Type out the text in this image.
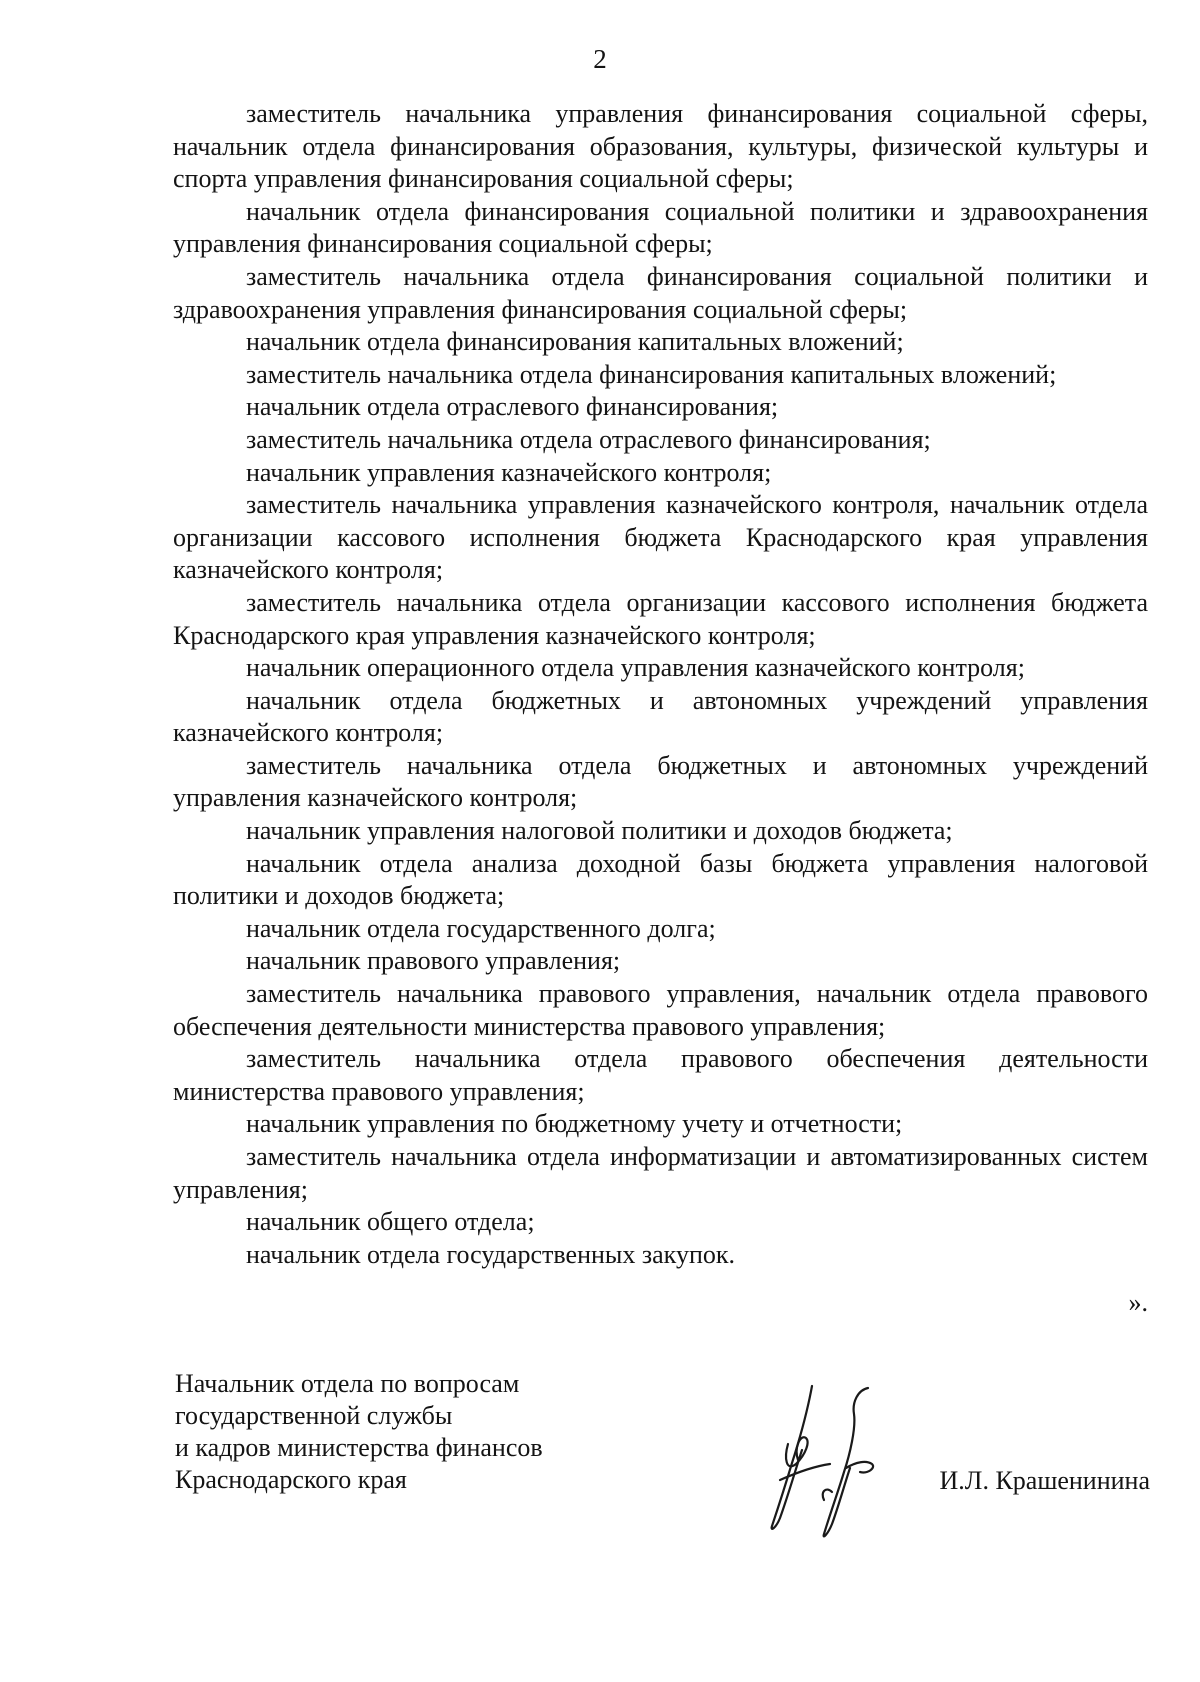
2

заместитель начальника управления финансирования социальной сферы, начальник отдела финансирования образования, культуры, физической культуры и спорта управления финансирования социальной сферы;

начальник отдела финансирования социальной политики и здравоохранения управления финансирования социальной сферы;

заместитель начальника отдела финансирования социальной политики и здравоохранения управления финансирования социальной сферы;

начальник отдела финансирования капитальных вложений;

заместитель начальника отдела финансирования капитальных вложений;

начальник отдела отраслевого финансирования;

заместитель начальника отдела отраслевого финансирования;

начальник управления казначейского контроля;

заместитель начальника управления казначейского контроля, начальник отдела организации кассового исполнения бюджета Краснодарского края управления казначейского контроля;

заместитель начальника отдела организации кассового исполнения бюджета Краснодарского края управления казначейского контроля;

начальник операционного отдела управления казначейского контроля;

начальник отдела бюджетных и автономных учреждений управления казначейского контроля;

заместитель начальника отдела бюджетных и автономных учреждений управления казначейского контроля;

начальник управления налоговой политики и доходов бюджета;

начальник отдела анализа доходной базы бюджета управления налоговой политики и доходов бюджета;

начальник отдела государственного долга;

начальник правового управления;

заместитель начальника правового управления, начальник отдела правового обеспечения деятельности министерства правового управления;

заместитель начальника отдела правового обеспечения деятельности министерства правового управления;

начальник управления по бюджетному учету и отчетности;

заместитель начальника отдела информатизации и автоматизированных систем управления;

начальник общего отдела;

начальник отдела государственных закупок.

».
Начальник отдела по вопросам
государственной службы
и кадров министерства финансов
Краснодарского края	И.Л. Крашенинина
